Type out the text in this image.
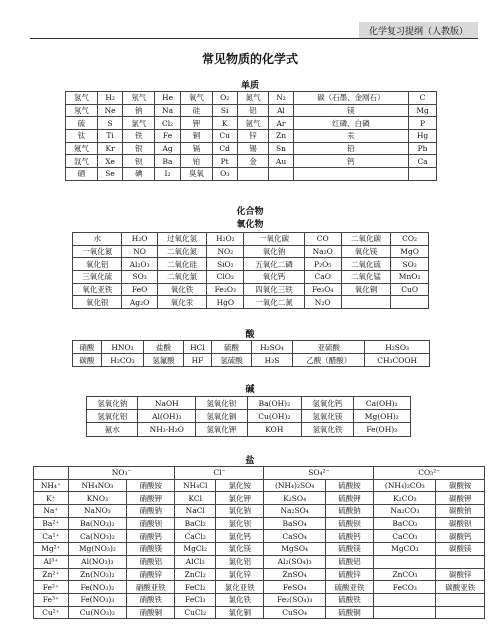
化学复习提纲（人教版）
常见物质的化学式
单质
氢气	H₂	氖气	He	氧气	O₂	氮气	N₂	碳（石墨、金刚石）	C
氖气	Ne	钠	Na	硅	Si	铝	Al	镁	Mg
硫	S	氯气	Cl₂	钾	K	氩气	Ar	红磷、白磷	P
钛	Ti	铁	Fe	铜	Cu	锌	Zn	汞	Hg
氪气	Kr	银	Ag	镉	Cd	锡	Sn	铅	Pb
氙气	Xe	钡	Ba	铂	Pt	金	Au	钙	Ca
硒	Se	碘	I₂	臭氧	O₃				
化合物
氧化物
水	H₂O	过氧化氢	H₂O₂	一氧化碳	CO	二氧化碳	CO₂
一氧化氮	NO	二氧化氮	NO₂	氧化钠	Na₂O	氧化镁	MgO
氧化铝	Al₂O₃	二氧化硅	SiO₂	五氧化二磷	P₂O₅	二氧化硫	SO₂
三氧化硫	SO₃	二氧化氯	ClO₂	氧化钙	CaO	二氧化锰	MnO₂
氧化亚铁	FeO	氧化铁	Fe₂O₃	四氧化三铁	Fe₃O₄	氧化铜	CuO
氧化银	Ag₂O	氧化汞	HgO	一氧化二氮	N₂O		
酸
硝酸	HNO₃	盐酸	HCl	硫酸	H₂SO₄	亚硫酸	H₂SO₃
碳酸	H₂CO₃	氢氟酸	HF	氢硫酸	H₂S	乙酸（醋酸）	CH₃COOH
碱
氢氧化钠	NaOH	氢氧化钡	Ba(OH)₂	氢氧化钙	Ca(OH)₂
氢氧化铝	Al(OH)₃	氢氧化铜	Cu(OH)₂	氢氧化镁	Mg(OH)₂
氨水	NH₃·H₂O	氢氧化钾	KOH	氢氧化铁	Fe(OH)₃
盐
	NO₃⁻		Cl⁻		SO₄²⁻		CO₃²⁻	
NH₄⁺	NH₄NO₃	硝酸铵	NH₄Cl	氯化铵	(NH₄)₂SO₄	硫酸铵	(NH₄)₂CO₃	碳酸铵
K⁺	KNO₃	硝酸钾	KCl	氯化钾	K₂SO₄	硫酸钾	K₂CO₃	碳酸钾
Na⁺	NaNO₃	硝酸钠	NaCl	氯化钠	Na₂SO₄	硫酸钠	Na₂CO₃	碳酸钠
Ba²⁺	Ba(NO₃)₂	硝酸钡	BaCl₂	氯化钡	BaSO₄	硫酸钡	BaCO₃	碳酸钡
Ca²⁺	Ca(NO₃)₂	硝酸钙	CaCl₂	氯化钙	CaSO₄	硫酸钙	CaCO₃	碳酸钙
Mg²⁺	Mg(NO₃)₂	硝酸镁	MgCl₂	氯化镁	MgSO₄	硫酸镁	MgCO₃	碳酸镁
Al³⁺	Al(NO₃)₃	硝酸铝	AlCl₃	氯化铝	Al₂(SO₄)₃	硫酸铝		
Zn²⁺	Zn(NO₃)₂	硝酸锌	ZnCl₂	氯化锌	ZnSO₄	硫酸锌	ZnCO₃	碳酸锌
Fe²⁺	Fe(NO₃)₂	硝酸亚铁	FeCl₂	氯化亚铁	FeSO₄	硫酸亚铁	FeCO₃	碳酸亚铁
Fe³⁺	Fe(NO₃)₃	硝酸铁	FeCl₃	氯化铁	Fe₂(SO₄)₃	硫酸铁		
Cu²⁺	Cu(NO₃)₂	硝酸铜	CuCl₂	氯化铜	CuSO₄	硫酸铜		
